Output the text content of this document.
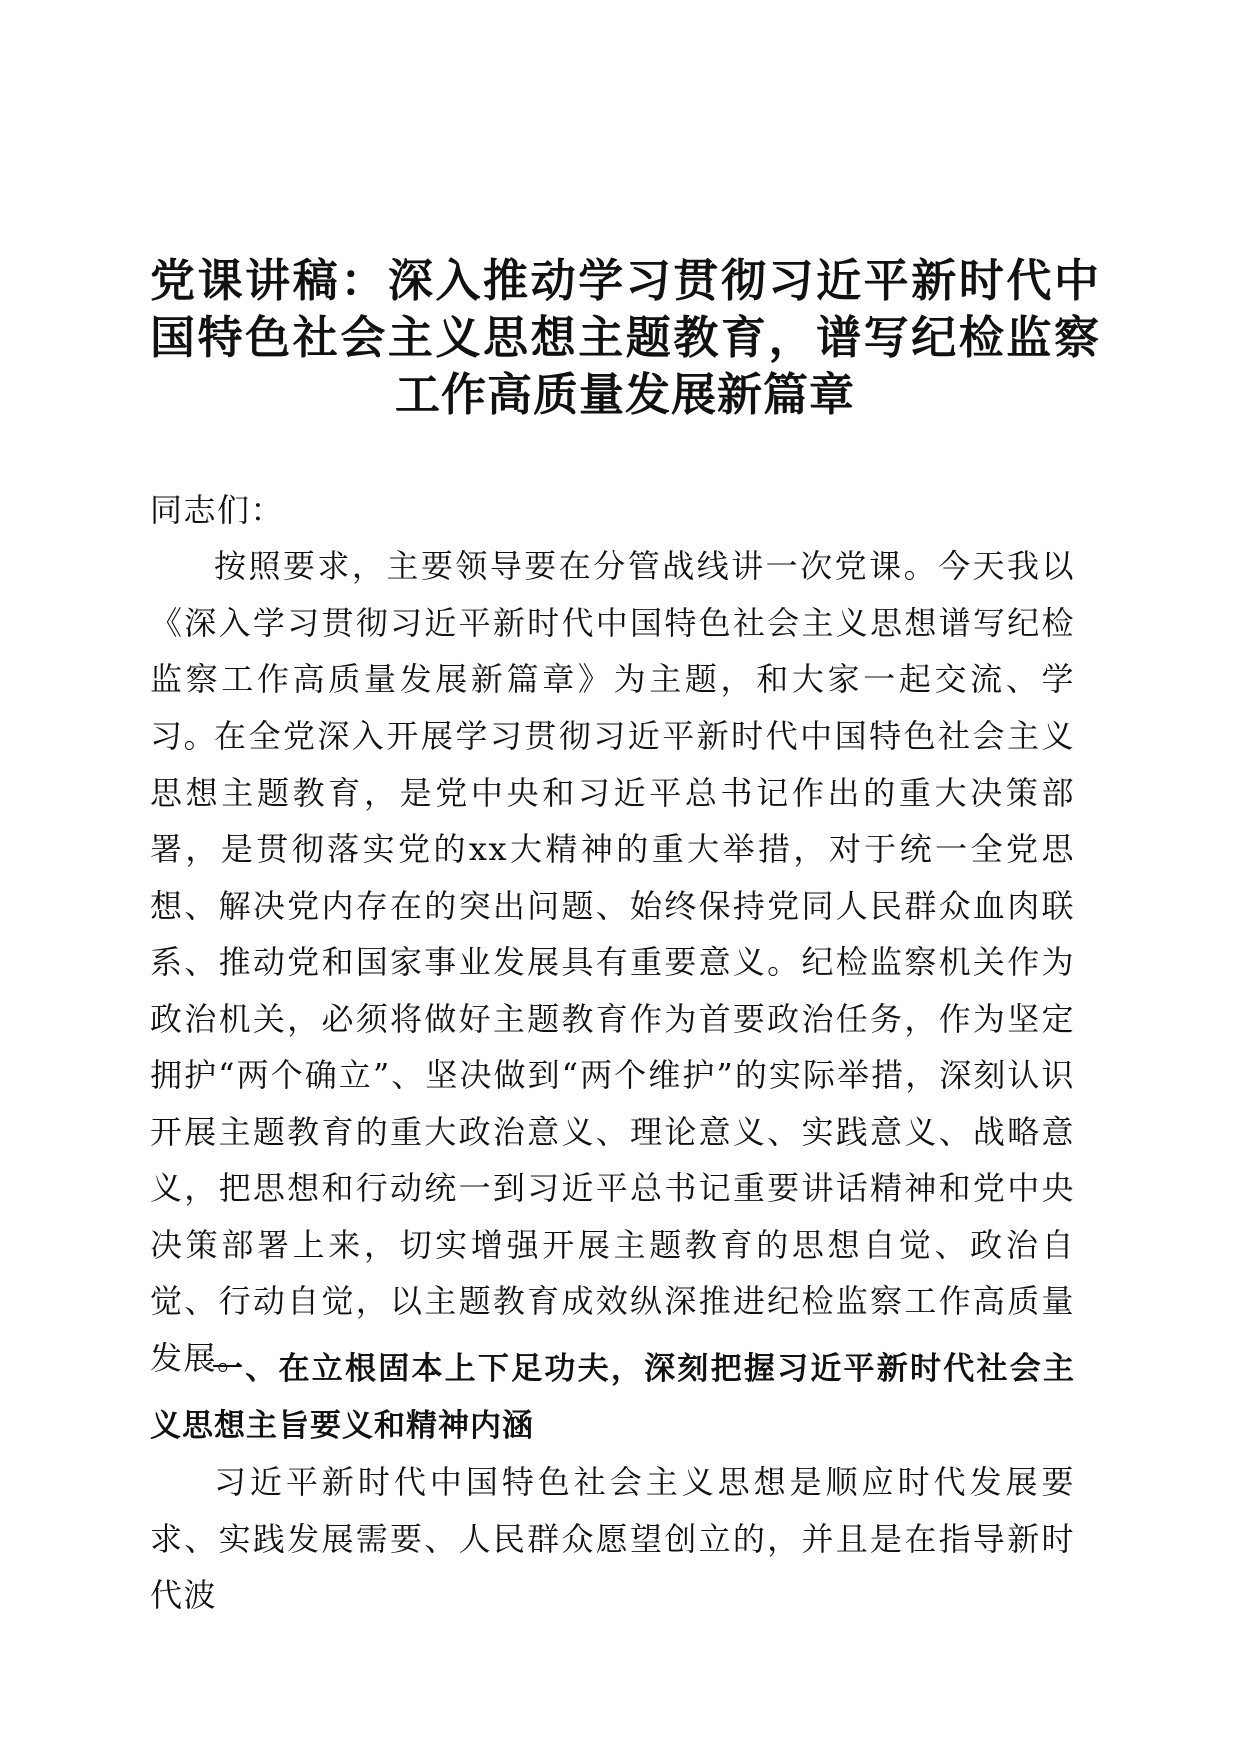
党课讲稿：深入推动学习贯彻习近平新时代中国特色社会主义思想主题教育，谱写纪检监察工作高质量发展新篇章

同志们：

按照要求，主要领导要在分管战线讲一次党课。今天我以《深入学习贯彻习近平新时代中国特色社会主义思想谱写纪检监察工作高质量发展新篇章》为主题，和大家一起交流、学习。

在全党深入开展学习贯彻习近平新时代中国特色社会主义思想主题教育，是党中央和习近平总书记作出的重大决策部署，是贯彻落实党的xx大精神的重大举措，对于统一全党思想、解决党内存在的突出问题、始终保持党同人民群众血肉联系、推动党和国家事业发展具有重要意义。纪检监察机关作为政治机关，必须将做好主题教育作为首要政治任务，作为坚定拥护“两个确立”、坚决做到“两个维护”的实际举措，深刻认识开展主题教育的重大政治意义、理论意义、实践意义、战略意义，把思想和行动统一到习近平总书记重要讲话精神和党中央决策部署上来，切实增强开展主题教育的思想自觉、政治自觉、行动自觉，以主题教育成效纵深推进纪检监察工作高质量发展。

一、在立根固本上下足功夫，深刻把握习近平新时代社会主义思想主旨要义和精神内涵

习近平新时代中国特色社会主义思想是顺应时代发展要求、实践发展需要、人民群众愿望创立的，并且是在指导新时代波
